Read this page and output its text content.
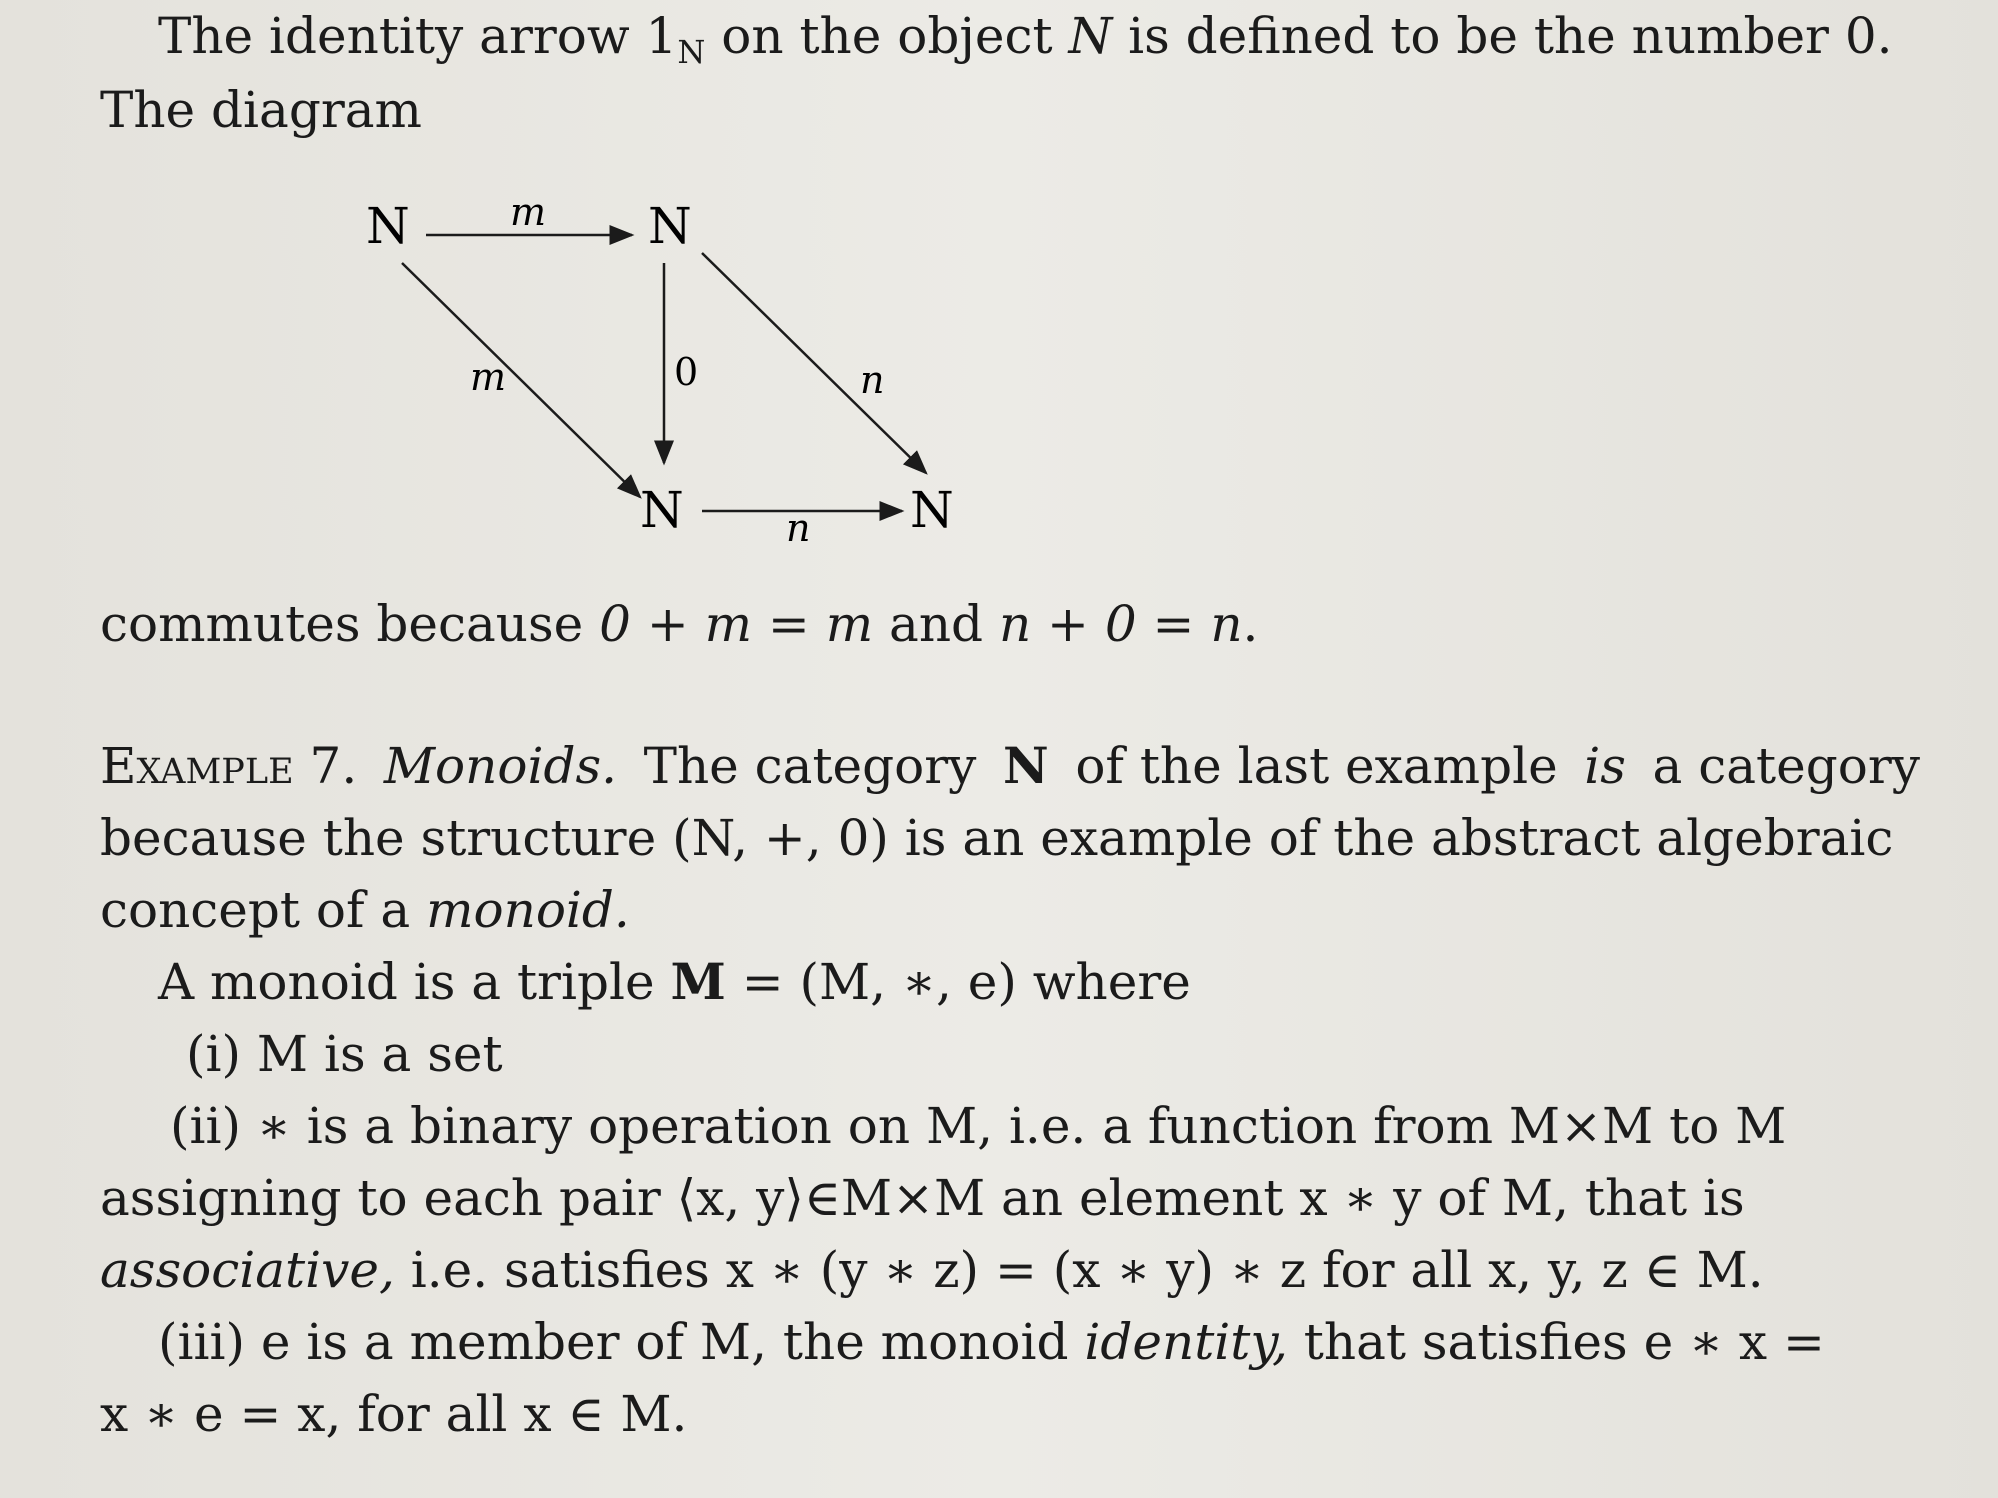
The identity arrow $1_N$ on the object N is defined to be the number 0.
The diagram
N	N
N	N
m
m	0	n
n
commutes because 0 + m = m and n + 0 = n.
Example 7. Monoids. The category N of the last example is a category
because the structure (N, +, 0) is an example of the abstract algebraic
concept of a monoid.
A monoid is a triple M = (M, ∗, e) where
(i) M is a set
(ii) ∗ is a binary operation on M, i.e. a function from M×M to M
assigning to each pair ⟨x, y⟩∈M×M an element x ∗ y of M, that is
associative, i.e. satisfies x ∗ (y ∗ z) = (x ∗ y) ∗ z for all x, y, z ∈ M.
(iii) e is a member of M, the monoid identity, that satisfies e ∗ x =
x ∗ e = x, for all x ∈ M.
